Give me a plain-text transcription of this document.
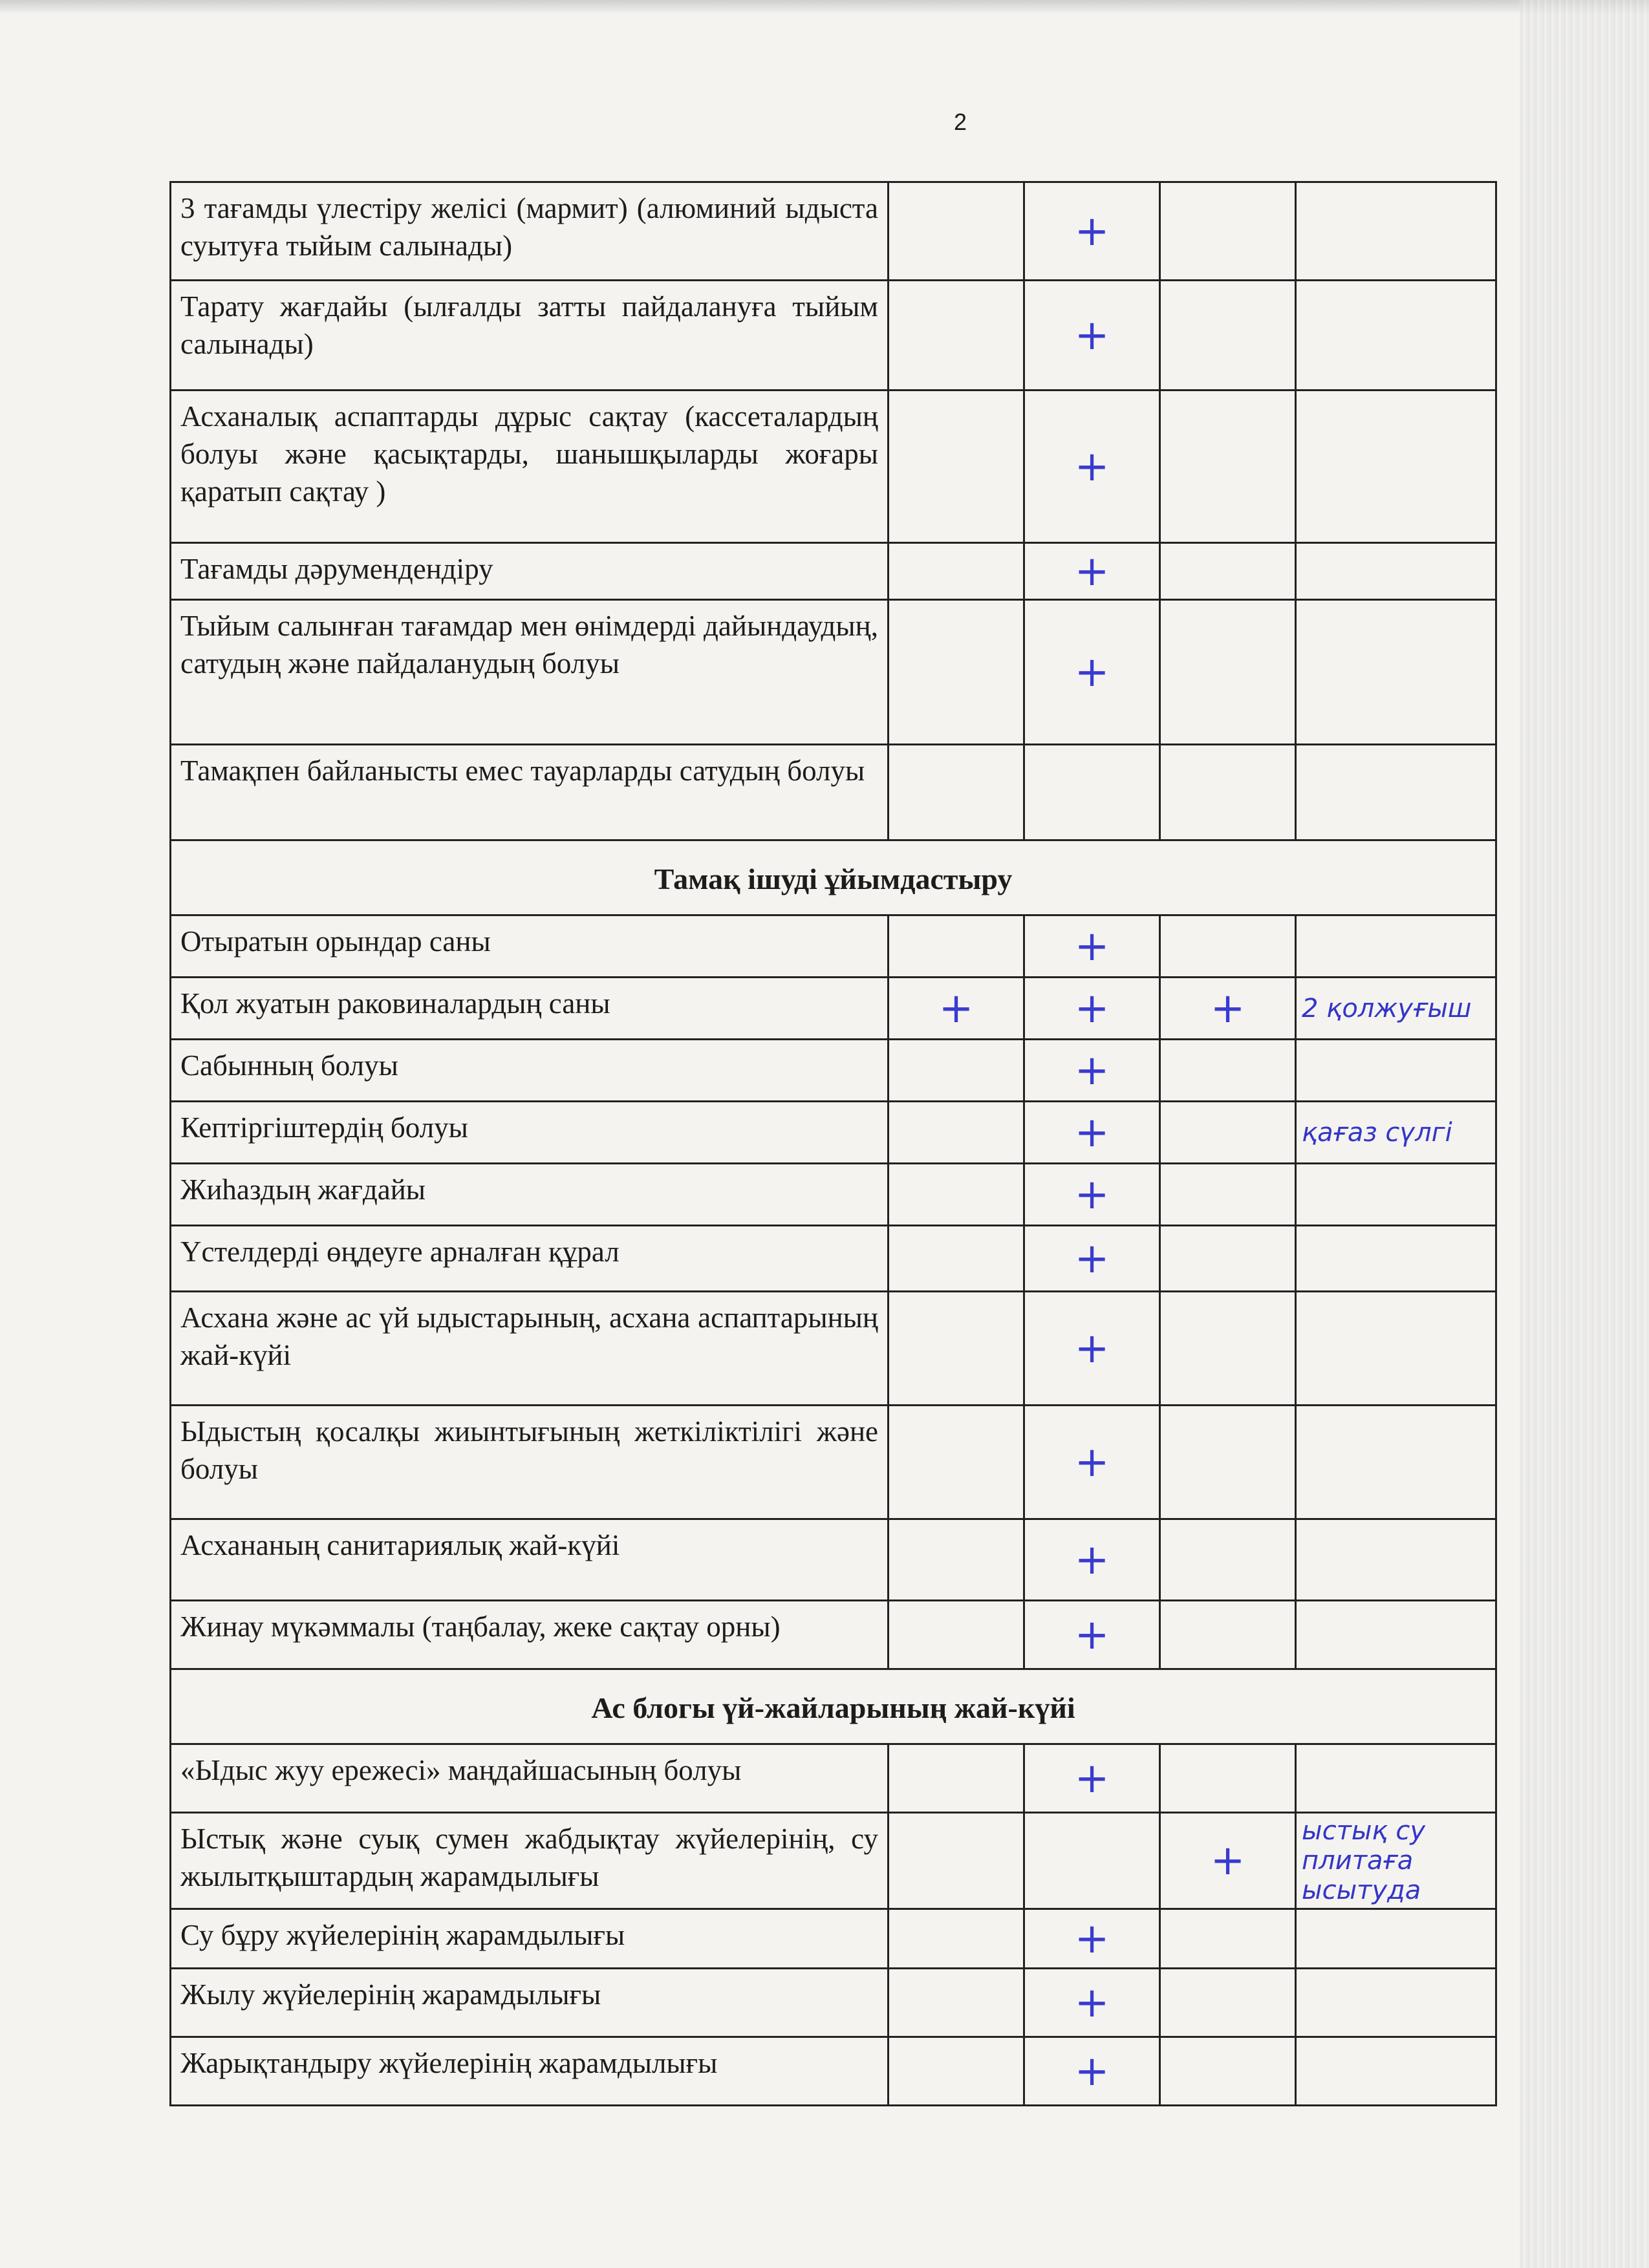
2
3 тағамды үлестіру желісі (мармит) (алюминий ыдыста суытуға тыйым салынады)		+		
Тарату жағдайы (ылғалды затты пайдалануға тыйым салынады)		+		
Асханалық аспаптарды дұрыс сақтау (кассеталардың болуы және қасықтарды, шанышқыларды жоғары қаратып сақтау )		+		
Тағамды дәрумендендіру		+		
Тыйым салынған тағамдар мен өнімдерді дайындаудың, сатудың және пайдаланудың болуы		+		
Тамақпен байланысты емес тауарларды сатудың болуы				
Тамақ ішуді ұйымдастыру				
Отыратын орындар саны		+		
Қол жуатын раковиналардың саны	+	+	+	2 қолжуғыш
Сабынның болуы		+		
Кептіргіштердің болуы		+		қағаз сүлгі
Жиһаздың жағдайы		+		
Үстелдерді өңдеуге арналған құрал		+		
Асхана және ас үй ыдыстарының, асхана аспаптарының жай-күйі		+		
Ыдыстың қосалқы жиынтығының жеткіліктілігі және болуы		+		
Асхананың санитариялық жай-күйі		+		
Жинау мүкәммалы (таңбалау, жеке сақтау орны)		+		
Ас блогы үй-жайларының жай-күйі				
«Ыдыс жуу ережесі» маңдайшасының болуы		+		
Ыстық және суық сумен жабдықтау жүйелерінің, су жылытқыштардың жарамдылығы			+	ыстық су плитаға ысытуда
Су бұру жүйелерінің жарамдылығы		+		
Жылу жүйелерінің жарамдылығы		+		
Жарықтандыру жүйелерінің жарамдылығы		+		
